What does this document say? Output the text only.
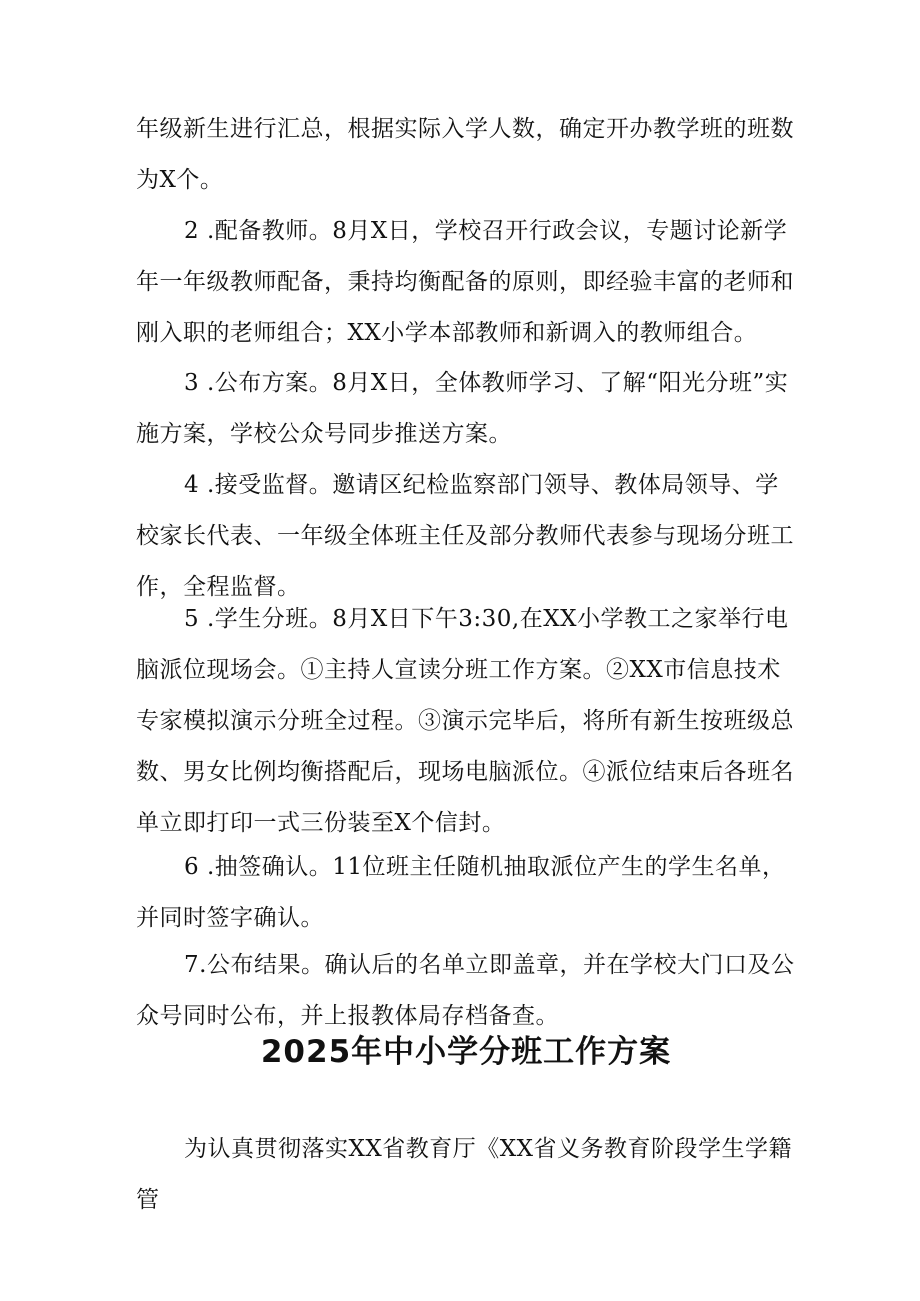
年级新生进行汇总，根据实际入学人数，确定开办教学班的班数为X个。

2 .配备教师。8月X日，学校召开行政会议，专题讨论新学年一年级教师配备，秉持均衡配备的原则，即经验丰富的老师和刚入职的老师组合；XX小学本部教师和新调入的教师组合。

3 .公布方案。8月X日，全体教师学习、了解“阳光分班”实施方案，学校公众号同步推送方案。

4 .接受监督。邀请区纪检监察部门领导、教体局领导、学校家长代表、一年级全体班主任及部分教师代表参与现场分班工作，全程监督。

5 .学生分班。8月X日下午3:30,在XX小学教工之家举行电脑派位现场会。①主持人宣读分班工作方案。②XX市信息技术专家模拟演示分班全过程。③演示完毕后，将所有新生按班级总数、男女比例均衡搭配后，现场电脑派位。④派位结束后各班名单立即打印一式三份装至X个信封。

6 .抽签确认。11位班主任随机抽取派位产生的学生名单，并同时签字确认。

7.公布结果。确认后的名单立即盖章，并在学校大门口及公众号同时公布，并上报教体局存档备查。

2025年中小学分班工作方案

为认真贯彻落实XX省教育厅《XX省义务教育阶段学生学籍管
